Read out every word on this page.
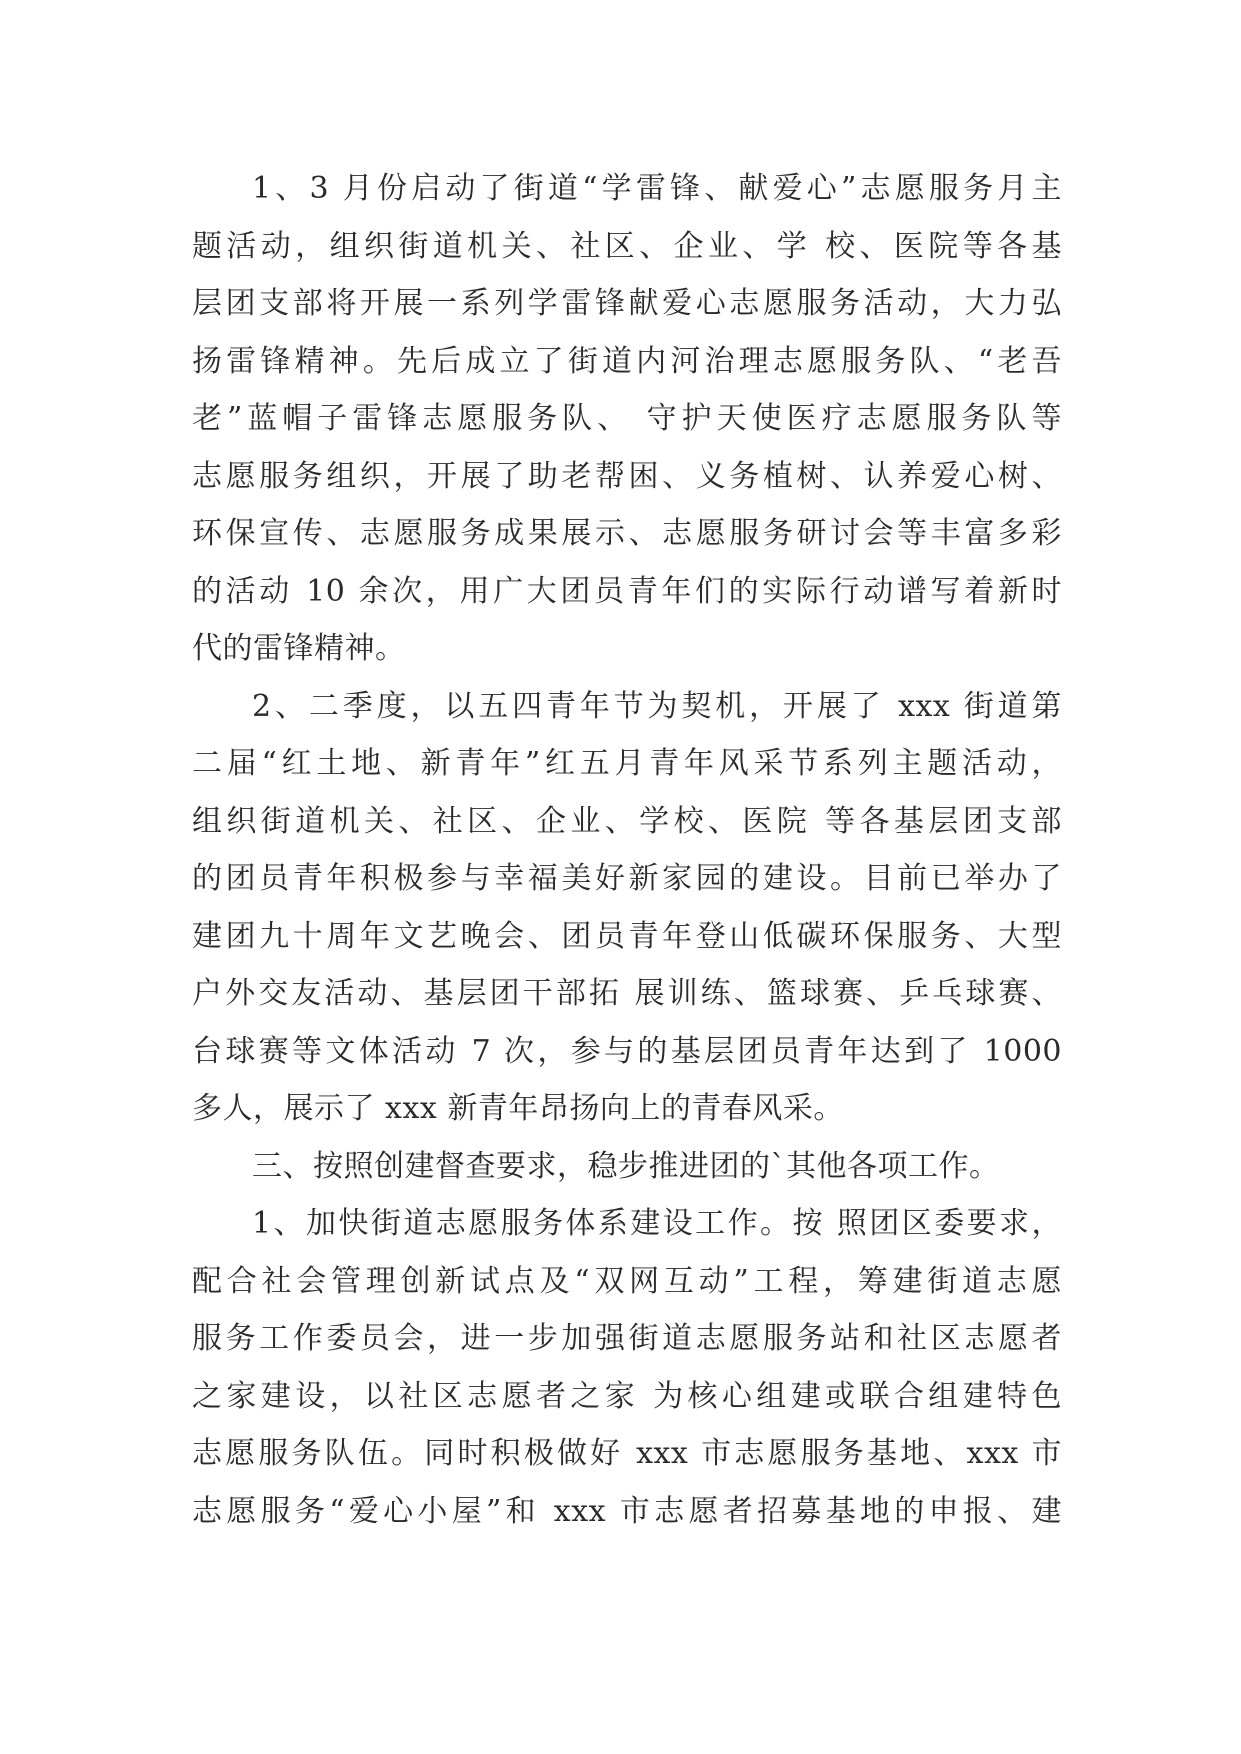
1、3 月份启动了街道“学雷锋、献爱心”志愿服务月主
题活动，组织街道机关、社区、企业、学 校、医院等各基
层团支部将开展一系列学雷锋献爱心志愿服务活动，大力弘
扬雷锋精神。先后成立了街道内河治理志愿服务队、“老吾
老”蓝帽子雷锋志愿服务队、 守护天使医疗志愿服务队等
志愿服务组织，开展了助老帮困、义务植树、认养爱心树、
环保宣传、志愿服务成果展示、志愿服务研讨会等丰富多彩
的活动 10 余次，用广大团员青年们的实际行动谱写着新时
代的雷锋精神。
2、二季度，以五四青年节为契机，开展了 xxx 街道第
二届“红土地、新青年”红五月青年风采节系列主题活动，
组织街道机关、社区、企业、学校、医院 等各基层团支部
的团员青年积极参与幸福美好新家园的建设。目前已举办了
建团九十周年文艺晚会、团员青年登山低碳环保服务、大型
户外交友活动、基层团干部拓 展训练、篮球赛、乒乓球赛、
台球赛等文体活动 7 次，参与的基层团员青年达到了 1000
多人，展示了 xxx 新青年昂扬向上的青春风采。
三、按照创建督查要求，稳步推进团的`其他各项工作。
1、加快街道志愿服务体系建设工作。按 照团区委要求，
配合社会管理创新试点及“双网互动”工程，筹建街道志愿
服务工作委员会，进一步加强街道志愿服务站和社区志愿者
之家建设，以社区志愿者之家 为核心组建或联合组建特色
志愿服务队伍。同时积极做好 xxx 市志愿服务基地、xxx 市
志愿服务“爱心小屋”和 xxx 市志愿者招募基地的申报、建
